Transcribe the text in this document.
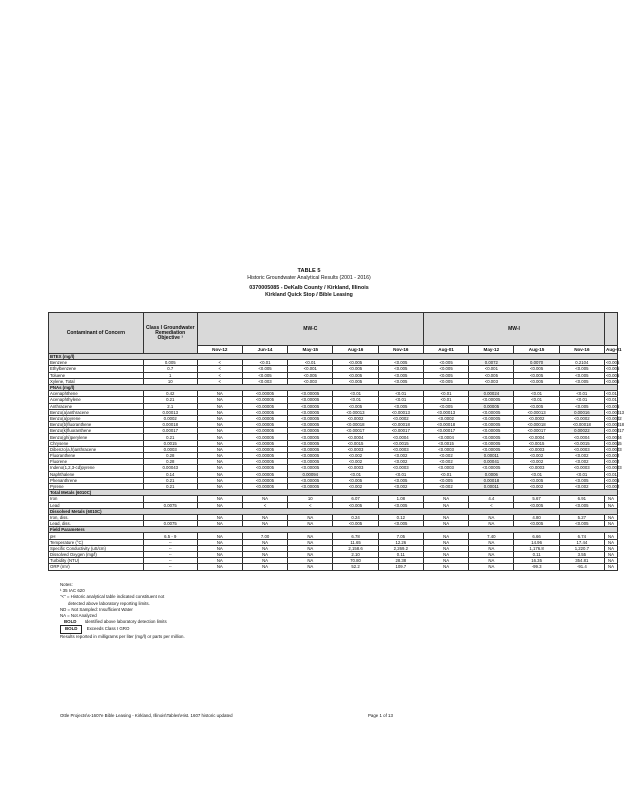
TABLE 5
Historic Groundwater Analytical Results (2001 - 2016)
0370005085 - DeKalb County / Kirkland, Illinois
Kirkland Quick Stop / Bible Leasing
Contaminant of Concern	Class I Groundwater Remediation Objective ¹	MW-C					MW-I				
		Nov-12	Jun-14	May-15	Aug-16	Nov-16	Aug-01	May-12	Aug-15	Nov-16	Aug-01
BTEX (mg/l)											
Benzene	0.005	<	<0.01	<0.01	<0.005	<0.005	<0.005	0.0072	0.0070	0.2104	<0.005
Ethylbenzene	0.7	<	<0.005	<0.001	<0.005	<0.005	<0.005	<0.001	<0.005	<0.005	<0.005
Toluene	1	<	<0.005	<0.005	<0.005	<0.005	<0.005	<0.005	<0.005	<0.005	<0.005
Xylene, Total	10	<	<0.003	<0.003	<0.005	<0.005	<0.005	<0.003	<0.005	<0.005	<0.005
PNAs (mg/l)											
Acenaphthene	0.42	NA	<0.00005	<0.00005	<0.01	<0.01	<0.01	0.00024	<0.01	<0.01	<0.01
Acenaphthylene	0.21	NA	<0.00005	<0.00005	<0.01	<0.01	<0.01	<0.00005	<0.01	<0.01	<0.01
Anthracene	2.1	NA	<0.00005	<0.00005	<0.005	<0.005	<0.005	0.00005	<0.005	<0.005	<0.005
Benzo(a)anthracene	0.00013	NA	<0.00005	<0.00005	<0.00013	<0.00013	<0.00013	<0.00005	<0.00013	0.00016	<0.00013
Benzo(a)pyrene	0.0002	NA	<0.00005	<0.00005	<0.0002	<0.0002	<0.0002	<0.00005	<0.0002	<0.0002	<0.0002
Benzo(b)fluoranthene	0.00018	NA	<0.00005	<0.00005	<0.00018	<0.00018	<0.00018	<0.00005	<0.00018	<0.00018	<0.00018
Benzo(k)fluoranthene	0.00017	NA	<0.00005	<0.00005	<0.00017	<0.00017	<0.00017	<0.00005	<0.00017	0.00022	<0.00017
Benzo(ghi)perylene	0.21	NA	<0.00005	<0.00005	<0.0004	<0.0004	<0.0004	<0.00005	<0.0004	<0.0004	<0.0004
Chrysene	0.0015	NA	<0.00005	<0.00005	<0.0015	<0.0015	<0.0015	<0.00005	<0.0015	<0.0015	<0.0015
Dibenzo(a,h)anthracene	0.0003	NA	<0.00005	<0.00005	<0.0003	<0.0003	<0.0003	<0.00005	<0.0003	<0.0003	<0.0003
Fluoranthene	0.28	NA	<0.00005	<0.00005	<0.002	<0.002	<0.002	0.00011	<0.002	<0.002	<0.002
Fluorene	0.28	NA	<0.00005	<0.00005	<0.002	<0.002	<0.002	0.00041	<0.002	<0.002	<0.002
Indeno(1,2,3-cd)pyrene	0.00043	NA	<0.00005	<0.00005	<0.0003	<0.0003	<0.0003	<0.00005	<0.0003	<0.0003	<0.0003
Naphthalene	0.14	NA	<0.00005	0.00094	<0.01	<0.01	<0.01	0.0006	<0.01	<0.01	<0.01
Phenanthrene	0.21	NA	<0.00005	<0.00005	<0.005	<0.005	<0.005	0.00018	<0.005	<0.005	<0.005
Pyrene	0.21	NA	<0.00005	<0.00005	<0.002	<0.002	<0.002	0.00011	<0.002	<0.002	<0.002
Total Metals (6010C)											
Iron		NA	NA	10	6.07	1.08	NA	4.4	5.67	6.91	NA
Lead	0.0075	NA	<	<	<0.005	<0.005	NA	<	<0.005	<0.005	NA
Dissolved Metals (6010C)											
Iron, diss.		NA	NA	NA	0.24	0.12	NA	NA	4.80	5.27	NA
Lead, diss.	0.0075	NA	NA	NA	<0.005	<0.005	NA	NA	<0.005	<0.005	NA
Field Parameters											
pH	6.5 - 9	NA	7.00	NA	6.78	7.05	NA	7.40	6.66	6.74	NA
Temperature (°C)	--	NA	NA	NA	11.65	12.26	NA	NA	14.96	17.44	NA
Specific Conductivity (uS/cm)	--	NA	NA	NA	2,158.6	2,269.2	NA	NA	1,176.8	1,220.7	NA
Dissolved Oxygen (mg/l)	--	NA	NA	NA	2.10	0.11	NA	NA	0.11	3.55	NA
Turbidity (NTU)	--	NA	NA	NA	70.80	28.38	NA	NA	16.35	354.81	NA
ORP (mV)	--	NA	NA	NA	52.2	109.7	NA	NA	-99.3	-91.4	NA
Notes:
¹ 35 IAC 620
"<" = Historic analytical table indicated constituent not
detected above laboratory reporting limits.
ND = Not Sampled: Insufficient Water
NA = Not Analyzed
BOLD Identified above laboratory detection limits
BOLD Exceeds Class I GRO
Results reported in milligrams per liter (mg/l) or parts per million.
Ottle Projects\s-1607e Bible Leasing - Kirkland, Illinois\Tables\Hist. 1607 historic updated	Page 1 of 13
